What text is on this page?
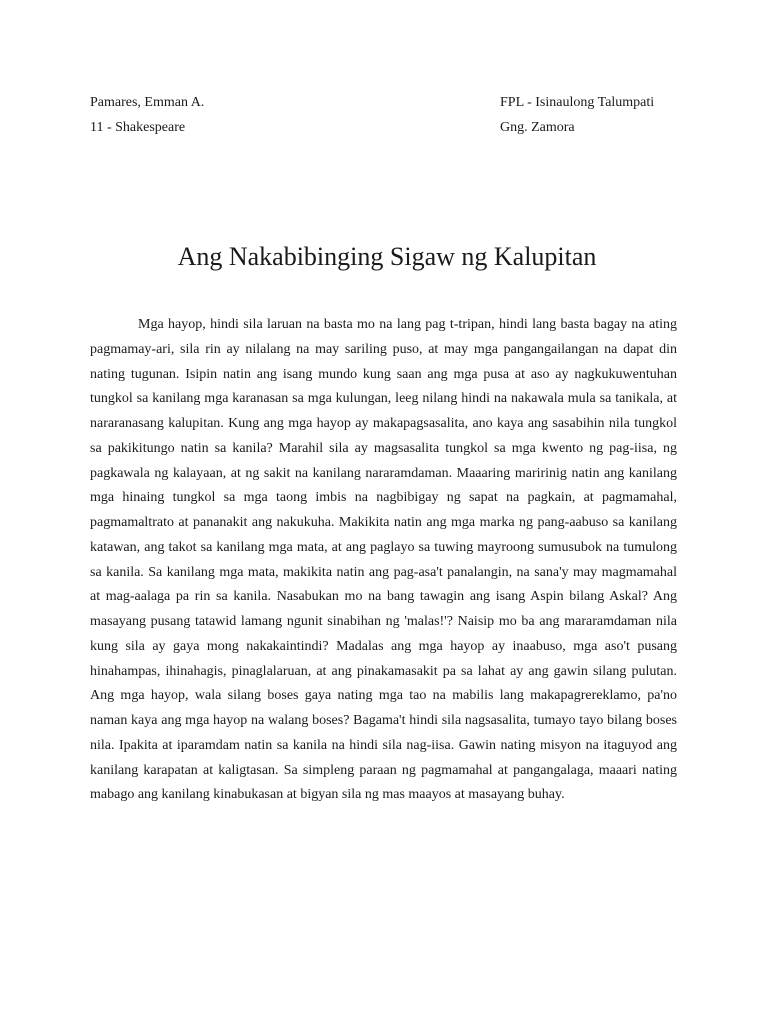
Pamares, Emman A.	FPL - Isinaulong Talumpati
11 - Shakespeare	Gng. Zamora
Ang Nakabibinging Sigaw ng Kalupitan

Mga hayop, hindi sila laruan na basta mo na lang pag t-tripan, hindi lang basta bagay na ating pagmamay-ari, sila rin ay nilalang na may sariling puso, at may mga pangangailangan na dapat din nating tugunan. Isipin natin ang isang mundo kung saan ang mga pusa at aso ay nagkukuwentuhan tungkol sa kanilang mga karanasan sa mga kulungan, leeg nilang hindi na nakawala mula sa tanikala, at nararanasang kalupitan. Kung ang mga hayop ay makapagsasalita, ano kaya ang sasabihin nila tungkol sa pakikitungo natin sa kanila? Marahil sila ay magsasalita tungkol sa mga kwento ng pag-iisa, ng pagkawala ng kalayaan, at ng sakit na kanilang nararamdaman. Maaaring maririnig natin ang kanilang mga hinaing tungkol sa mga taong imbis na nagbibigay ng sapat na pagkain, at pagmamahal, pagmamaltrato at pananakit ang nakukuha. Makikita natin ang mga marka ng pang-aabuso sa kanilang katawan, ang takot sa kanilang mga mata, at ang paglayo sa tuwing mayroong sumusubok na tumulong sa kanila. Sa kanilang mga mata, makikita natin ang pag-asa't panalangin, na sana'y may magmamahal at mag-aalaga pa rin sa kanila. Nasabukan mo na bang tawagin ang isang Aspin bilang Askal? Ang masayang pusang tatawid lamang ngunit sinabihan ng 'malas!'? Naisip mo ba ang mararamdaman nila kung sila ay gaya mong nakakaintindi? Madalas ang mga hayop ay inaabuso, mga aso't pusang hinahampas, ihinahagis, pinaglalaruan, at ang pinakamasakit pa sa lahat ay ang gawin silang pulutan. Ang mga hayop, wala silang boses gaya nating mga tao na mabilis lang makapagrereklamo, pa'no naman kaya ang mga hayop na walang boses? Bagama't hindi sila nagsasalita, tumayo tayo bilang boses nila. Ipakita at iparamdam natin sa kanila na hindi sila nag-iisa. Gawin nating misyon na itaguyod ang kanilang karapatan at kaligtasan. Sa simpleng paraan ng pagmamahal at pangangalaga, maaari nating mabago ang kanilang kinabukasan at bigyan sila ng mas maayos at masayang buhay.
